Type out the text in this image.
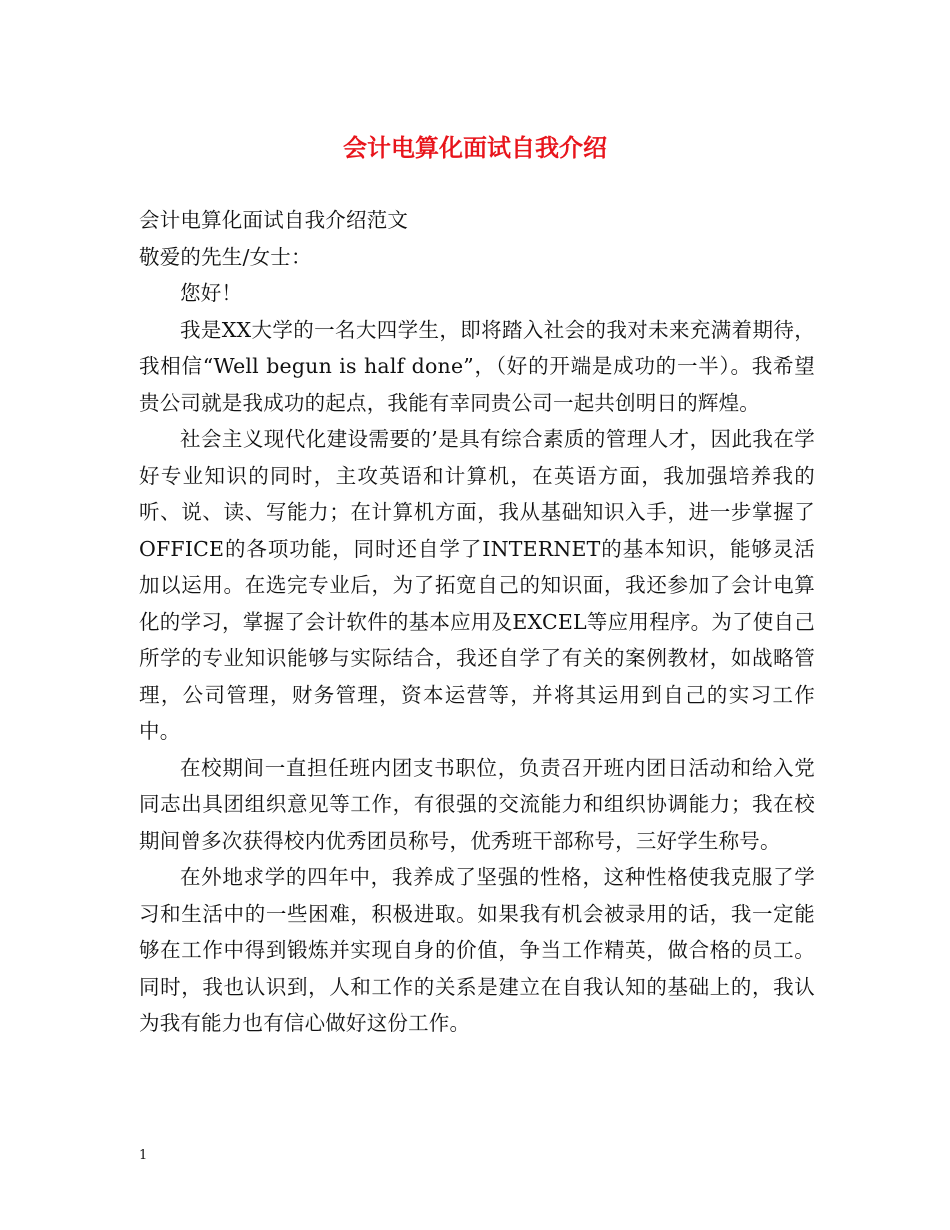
会计电算化面试自我介绍

会计电算化面试自我介绍范文

敬爱的先生/女士：

您好！

我是XX大学的一名大四学生，即将踏入社会的我对未来充满着期待，我相信“Well begun is half done”，（好的开端是成功的一半）。我希望贵公司就是我成功的起点，我能有幸同贵公司一起共创明日的辉煌。

社会主义现代化建设需要的’是具有综合素质的管理人才，因此我在学好专业知识的同时，主攻英语和计算机，在英语方面，我加强培养我的听、说、读、写能力；在计算机方面，我从基础知识入手，进一步掌握了OFFICE的各项功能，同时还自学了INTERNET的基本知识，能够灵活加以运用。在选完专业后，为了拓宽自己的知识面，我还参加了会计电算化的学习，掌握了会计软件的基本应用及EXCEL等应用程序。为了使自己所学的专业知识能够与实际结合，我还自学了有关的案例教材，如战略管理，公司管理，财务管理，资本运营等，并将其运用到自己的实习工作中。

在校期间一直担任班内团支书职位，负责召开班内团日活动和给入党同志出具团组织意见等工作，有很强的交流能力和组织协调能力；我在校期间曾多次获得校内优秀团员称号，优秀班干部称号，三好学生称号。

在外地求学的四年中，我养成了坚强的性格，这种性格使我克服了学习和生活中的一些困难，积极进取。如果我有机会被录用的话，我一定能够在工作中得到锻炼并实现自身的价值，争当工作精英，做合格的员工。同时，我也认识到，人和工作的关系是建立在自我认知的基础上的，我认为我有能力也有信心做好这份工作。

1
